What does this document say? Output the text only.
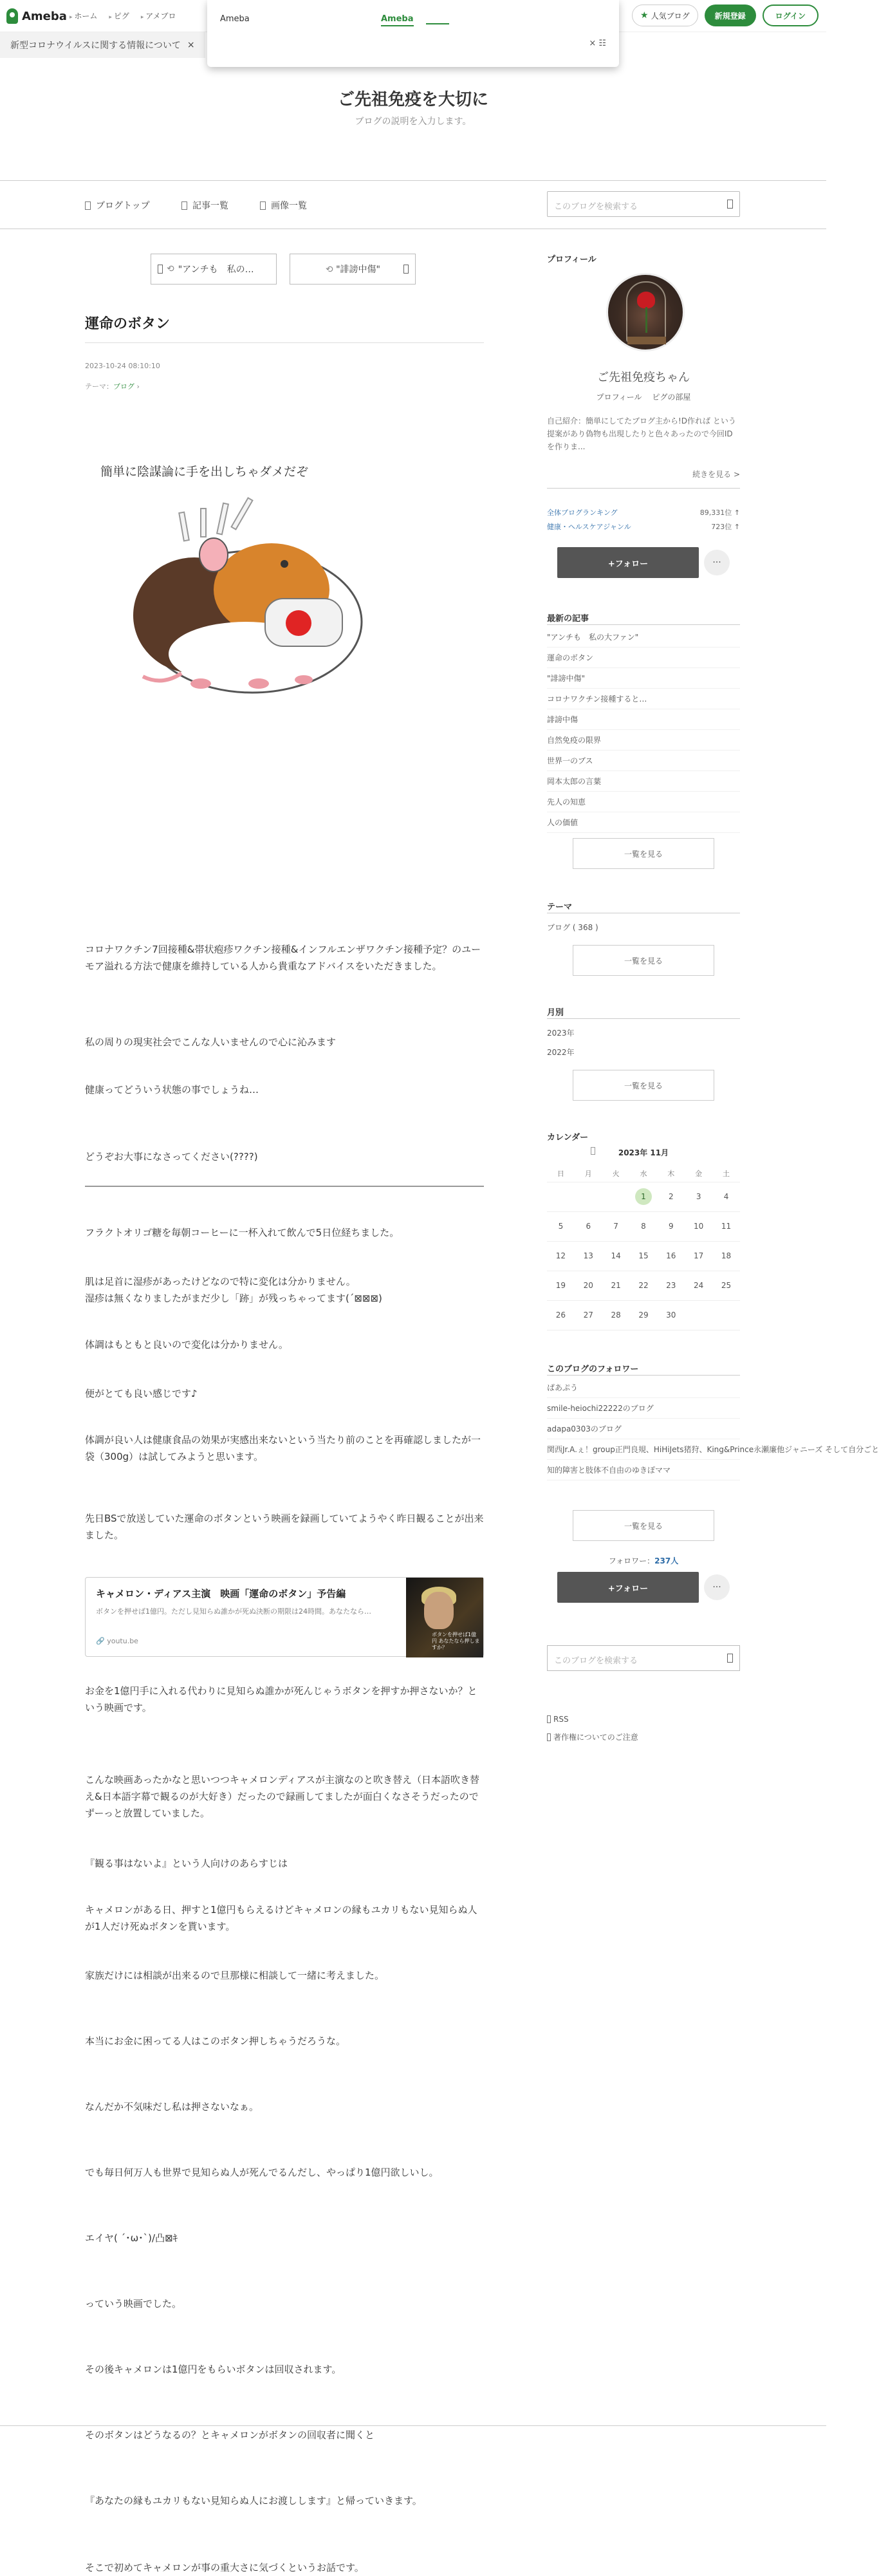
Ameba ▸ ホーム	▸ ピグ	▸ アメブロ	★ 人気ブログ	新規登録	ログイン
新型コロナウイルスに関する情報について ×
Ameba	Ameba
× ☷
ご先祖免疫を大切に
ブログの説明を入力します。
ブログトップ	記事一覧	画像一覧	このブログを検索する
⟲ "アンチも　私の…	⟲ "誹謗中傷"
運命のボタン
2023-10-24 08:10:10
テーマ：ブログ ›
簡単に陰謀論に手を出しちゃダメだぞ
コロナワクチン7回接種&帯状疱疹ワクチン接種&インフルエンザワクチン接種予定？のユーモア溢れる方法で健康を維持している人から貴重なアドバイスをいただきました。
私の周りの現実社会でこんな人いませんので心に沁みます
健康ってどういう状態の事でしょうね…
どうぞお大事になさってください(????)
フラクトオリゴ糖を毎朝コーヒーに一杯入れて飲んで5日位経ちました。
肌は足首に湿疹があったけどなので特に変化は分かりません。
湿疹は無くなりましたがまだ少し「跡」が残っちゃってます(´⊠⊠⊠)
体調はもともと良いので変化は分かりません。
便がとても良い感じです♪
体調が良い人は健康食品の効果が実感出来ないという当たり前のことを再確認しましたが一袋（300g）は試してみようと思います。
先日BSで放送していた運命のボタンという映画を録画していてようやく昨日観ることが出来ました。
キャメロン・ディアス主演　映画「運命のボタン」予告編
ボタンを押せば1億円。ただし見知らぬ誰かが死ぬ決断の期限は24時間。あなたなら…
🔗 youtu.be
ボタンを押せば1億円 あなたなら押しますか？
お金を1億円手に入れる代わりに見知らぬ誰かが死んじゃうボタンを押すか押さないか？という映画です。
こんな映画あったかなと思いつつキャメロンディアスが主演なのと吹き替え（日本語吹き替え&日本語字幕で観るのが大好き）だったので録画してましたが面白くなさそうだったのでずーっと放置していました。
『観る事はないよ』という人向けのあらすじは
キャメロンがある日、押すと1億円もらえるけどキャメロンの縁もユカリもない見知らぬ人が1人だけ死ぬボタンを貰います。
家族だけには相談が出来るので旦那様に相談して一緒に考えました。
本当にお金に困ってる人はこのボタン押しちゃうだろうな。
なんだか不気味だし私は押さないなぁ。
でも毎日何万人も世界で見知らぬ人が死んでるんだし、やっぱり1億円欲しいし。
エイヤ( ´･ω･`)/凸⊠ｷ
っていう映画でした。
その後キャメロンは1億円をもらいボタンは回収されます。
そのボタンはどうなるの？とキャメロンがボタンの回収者に聞くと
『あなたの縁もユカリもない見知らぬ人にお渡しします』と帰っていきます。
そこで初めてキャメロンが事の重大さに気づくというお話です。
プロフィール
ご先祖免疫ちゃん
プロフィール ピグの部屋
自己紹介：簡単にしてたブログ主から!D作れば という提案があり偽物も出現したりと色々あったので今回IDを作りま...
続きを見る >
全体ブログランキング	89,331位 ↑
健康・ヘルスケアジャンル	723位 ↑
+フォロー	···
最新の記事
"アンチも　私の大ファン"
運命のボタン
"誹謗中傷"
コロナワクチン接種すると…
誹謗中傷
自然免疫の限界
世界一のブス
岡本太郎の言葉
先人の知恵
人の価値
一覧を見る
テーマ
ブログ ( 368 )
一覧を見る
月別
2023年
2022年
一覧を見る
カレンダー
2023年 11月
日	月	火	水	木	金	土
			1	2	3	4
5	6	7	8	9	10	11
12	13	14	15	16	17	18
19	20	21	22	23	24	25
26	27	28	29	30		
このブログのフォロワー
ぱあぷう
smile-heiochi22222のブログ
adapa0303のブログ
関西Jr.A.ぇ！group正門良規、HiHiJets猪狩、King&Prince永瀬廉他ジャニーズ そして自分ごと
知的障害と肢体不自由のゆきぽママ
一覧を見る
フォロワー：237人
+フォロー	···
このブログを検索する
RSS
著作権についてのご注意
